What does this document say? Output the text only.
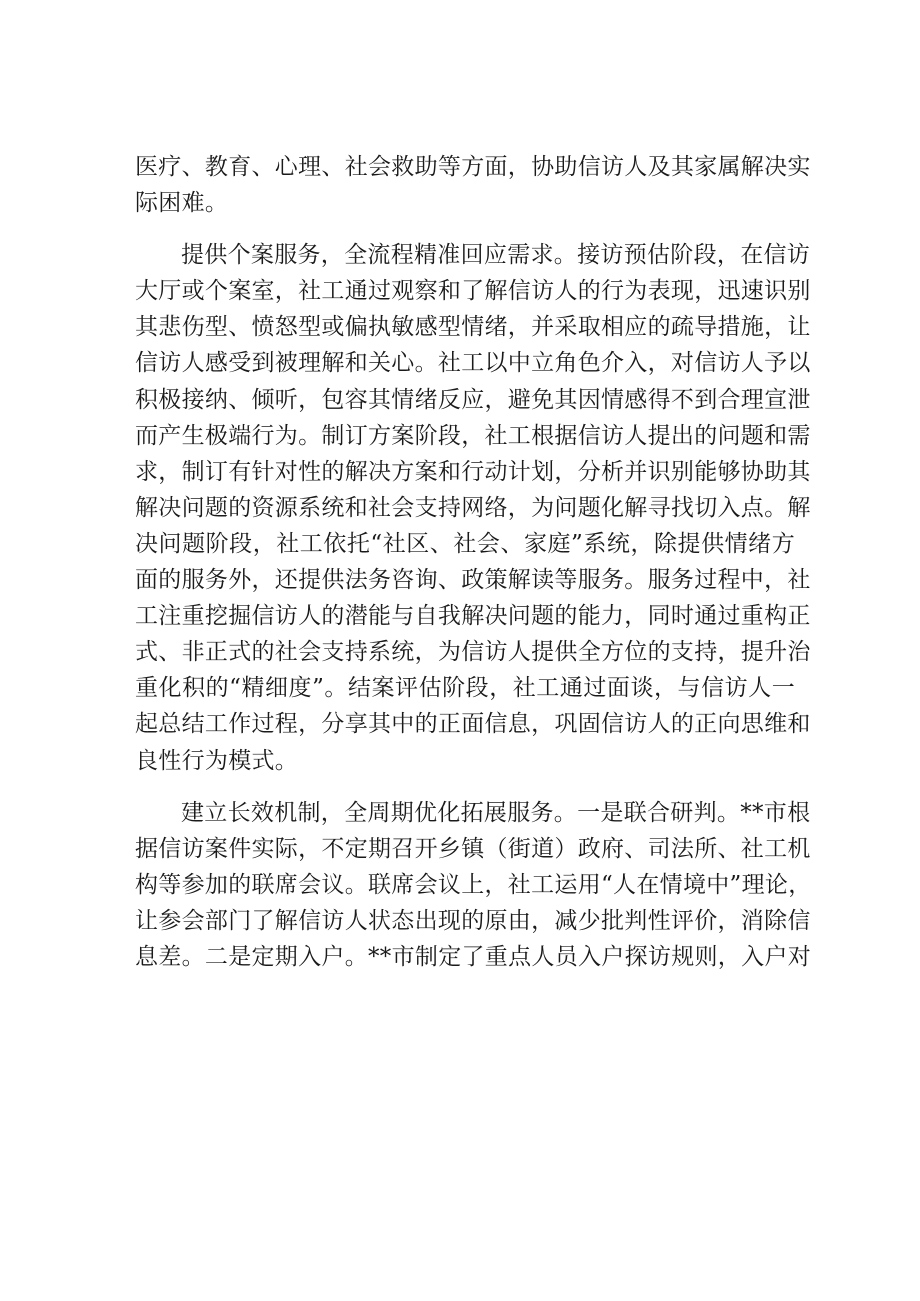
医疗、教育、心理、社会救助等方面，协助信访人及其家属解决实
际困难。
提供个案服务，全流程精准回应需求。接访预估阶段，在信访
大厅或个案室，社工通过观察和了解信访人的行为表现，迅速识别
其悲伤型、愤怒型或偏执敏感型情绪，并采取相应的疏导措施，让
信访人感受到被理解和关心。社工以中立角色介入，对信访人予以
积极接纳、倾听，包容其情绪反应，避免其因情感得不到合理宣泄
而产生极端行为。制订方案阶段，社工根据信访人提出的问题和需
求，制订有针对性的解决方案和行动计划，分析并识别能够协助其
解决问题的资源系统和社会支持网络，为问题化解寻找切入点。解
决问题阶段，社工依托“社区、社会、家庭”系统，除提供情绪方
面的服务外，还提供法务咨询、政策解读等服务。服务过程中，社
工注重挖掘信访人的潜能与自我解决问题的能力，同时通过重构正
式、非正式的社会支持系统，为信访人提供全方位的支持，提升治
重化积的“精细度”。结案评估阶段，社工通过面谈，与信访人一
起总结工作过程，分享其中的正面信息，巩固信访人的正向思维和
良性行为模式。
建立长效机制，全周期优化拓展服务。一是联合研判。**市根
据信访案件实际，不定期召开乡镇（街道）政府、司法所、社工机
构等参加的联席会议。联席会议上，社工运用“人在情境中”理论，
让参会部门了解信访人状态出现的原由，减少批判性评价，消除信
息差。二是定期入户。**市制定了重点人员入户探访规则，入户对
